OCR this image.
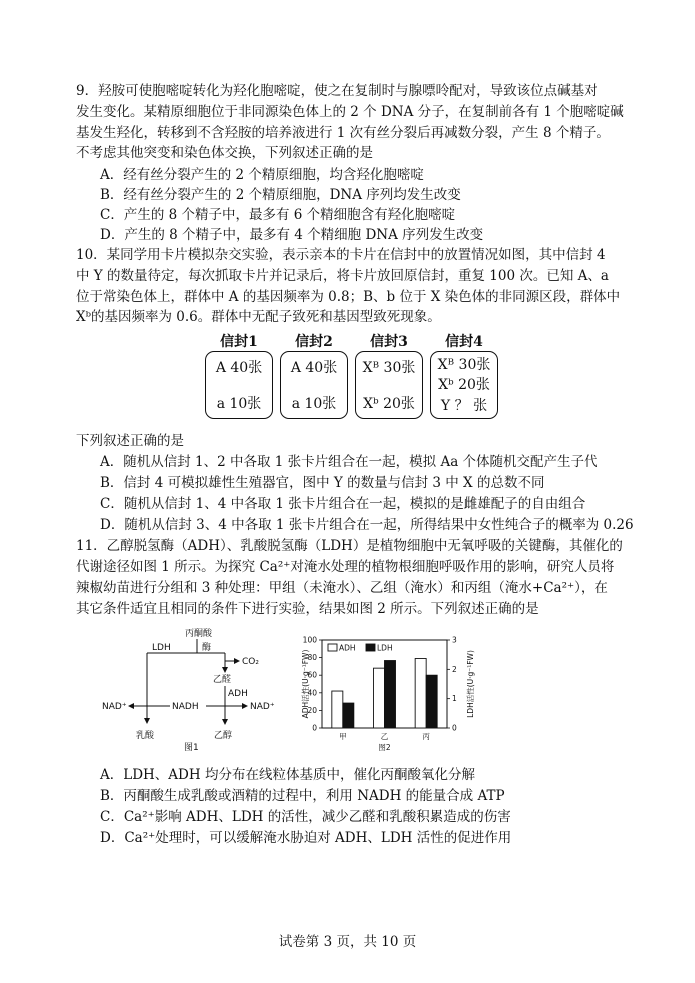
9．羟胺可使胞嘧啶转化为羟化胞嘧啶，使之在复制时与腺嘌呤配对，导致该位点碱基对
发生变化。某精原细胞位于非同源染色体上的 2 个 DNA 分子，在复制前各有 1 个胞嘧啶碱
基发生羟化，转移到不含羟胺的培养液进行 1 次有丝分裂后再减数分裂，产生 8 个精子。
不考虑其他突变和染色体交换，下列叙述正确的是
A．经有丝分裂产生的 2 个精原细胞，均含羟化胞嘧啶
B．经有丝分裂产生的 2 个精原细胞，DNA 序列均发生改变
C．产生的 8 个精子中，最多有 6 个精细胞含有羟化胞嘧啶
D．产生的 8 个精子中，最多有 4 个精细胞 DNA 序列发生改变
10．某同学用卡片模拟杂交实验，表示亲本的卡片在信封中的放置情况如图，其中信封 4
中 Y 的数量待定，每次抓取卡片并记录后，将卡片放回原信封，重复 100 次。已知 A、a
位于常染色体上，群体中 A 的基因频率为 0.8；B、b 位于 X 染色体的非同源区段，群体中
Xᵇ的基因频率为 0.6。群体中无配子致死和基因型致死现象。
信封1
A 40张
a 10张
信封2
A 40张
a 10张
信封3
Xᴮ 30张
Xᵇ 20张
信封4
Xᴮ 30张
Xᵇ 20张
Y ？ 张
下列叙述正确的是
A．随机从信封 1、2 中各取 1 张卡片组合在一起，模拟 Aa 个体随机交配产生子代
B．信封 4 可模拟雄性生殖器官，图中 Y 的数量与信封 3 中 X 的总数不同
C．随机从信封 1、4 中各取 1 张卡片组合在一起，模拟的是雌雄配子的自由组合
D．随机从信封 3、4 中各取 1 张卡片组合在一起，所得结果中女性纯合子的概率为 0.26
11．乙醇脱氢酶（ADH）、乳酸脱氢酶（LDH）是植物细胞中无氧呼吸的关键酶，其催化的
代谢途径如图 1 所示。为探究 Ca²⁺对淹水处理的植物根细胞呼吸作用的影响，研究人员将
辣椒幼苗进行分组和 3 种处理：甲组（未淹水）、乙组（淹水）和丙组（淹水+Ca²⁺），在
其它条件适宜且相同的条件下进行实验，结果如图 2 所示。下列叙述正确的是
丙酮酸
LDH	酶
CO₂
乙醛
ADH
NAD⁺	NADH	NAD⁺
乳酸	乙醇
图1
0
20
40
60
80
100
0
1
2
3
甲	乙	丙
ADH	LDH
ADH活性(U·g⁻¹FW)	LDH活性(U·g⁻¹FW)
图2
A．LDH、ADH 均分布在线粒体基质中，催化丙酮酸氧化分解
B．丙酮酸生成乳酸或酒精的过程中，利用 NADH 的能量合成 ATP
C．Ca²⁺影响 ADH、LDH 的活性，减少乙醛和乳酸积累造成的伤害
D．Ca²⁺处理时，可以缓解淹水胁迫对 ADH、LDH 活性的促进作用
试卷第 3 页，共 10 页
